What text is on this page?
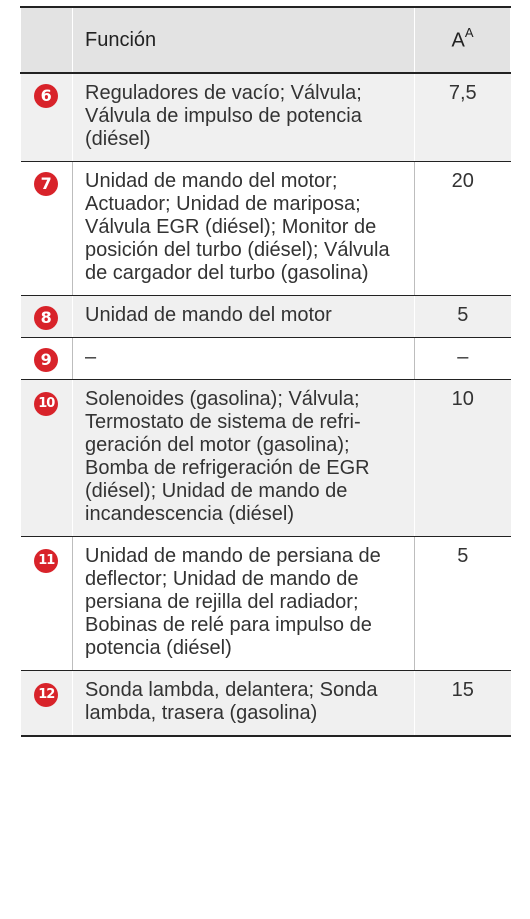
	Función	$A^A$
6	Reguladores de vacío; Válvula; Válvula de impulso de potencia (diésel)	7,5
7	Unidad de mando del motor; Actuador; Unidad de mariposa; Válvula EGR (diésel); Monitor de posición del turbo (diésel); Válvula de cargador del turbo (gasolina)	20
8	Unidad de mando del motor	5
9	–	–
10	Solenoides (gasolina); Válvula; Termostato de sistema de refrigeración del motor (gasolina); Bomba de refrigeración de EGR (diésel); Unidad de mando de incandescencia (diésel)	10
11	Unidad de mando de persiana de deflector; Unidad de mando de persiana de rejilla del radiador; Bobinas de relé para impulso de potencia (diésel)	5
12	Sonda lambda, delantera; Sonda lambda, trasera (gasolina)	15
